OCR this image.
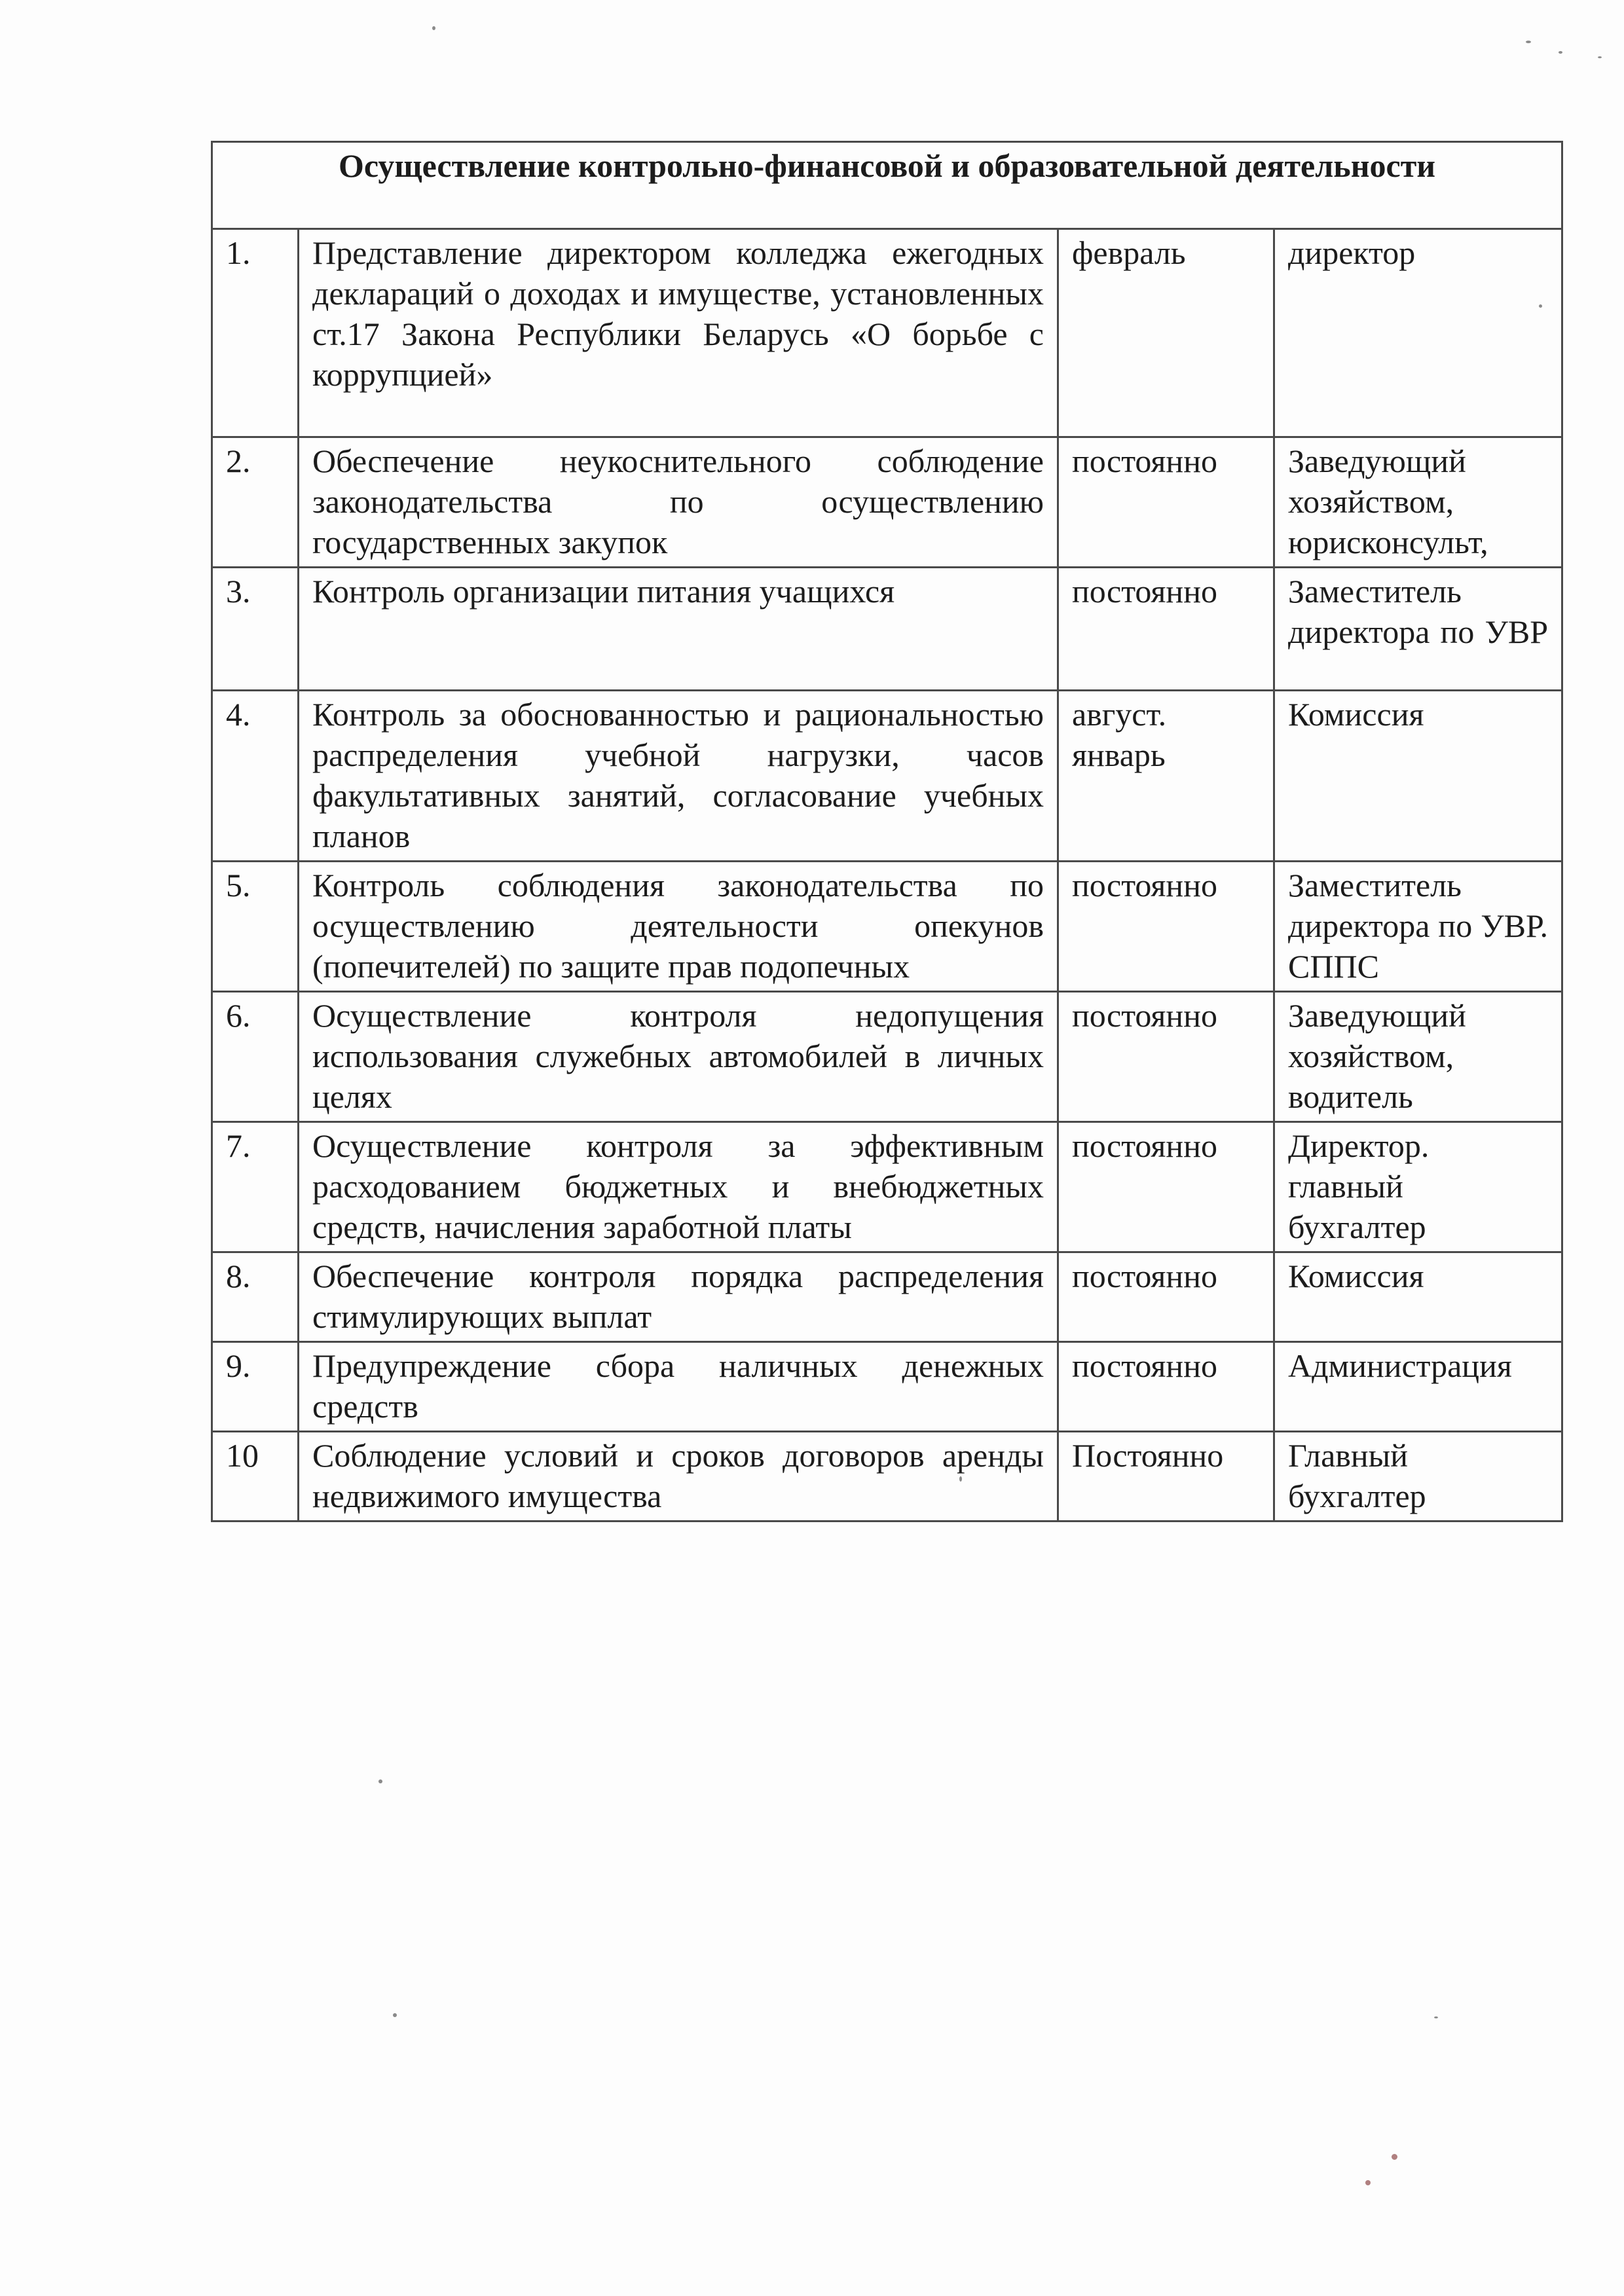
Осуществление контрольно-финансовой и образовательной деятельности			
1.	Представление директором колледжа ежегодных деклараций о доходах и имуществе, установленных ст.17 Закона Республики Беларусь «О борьбе с коррупцией»	февраль	директор
2.	Обеспечение неукоснительного соблюдение законодательства по осуществлению государственных закупок	постоянно	Заведующий хозяйством, юрисконсульт,
3.	Контроль организации питания учащихся	постоянно	Заместитель директора по УВР
4.	Контроль за обоснованностью и рациональностью распределения учебной нагрузки, часов факультативных занятий, согласование учебных планов	август. январь	Комиссия
5.	Контроль соблюдения законодательства по осуществлению деятельности опекунов (попечителей) по защите прав подопечных	постоянно	Заместитель директора по УВР. СППС
6.	Осуществление контроля недопущения использования служебных автомобилей в личных целях	постоянно	Заведующий хозяйством, водитель
7.	Осуществление контроля за эффективным расходованием бюджетных и внебюджетных средств, начисления заработной платы	постоянно	Директор. главный бухгалтер
8.	Обеспечение контроля порядка распределения стимулирующих выплат	постоянно	Комиссия
9.	Предупреждение сбора наличных денежных средств	постоянно	Администрация
10	Соблюдение условий и сроков договоров аренды недвижимого имущества	Постоянно	Главный бухгалтер
